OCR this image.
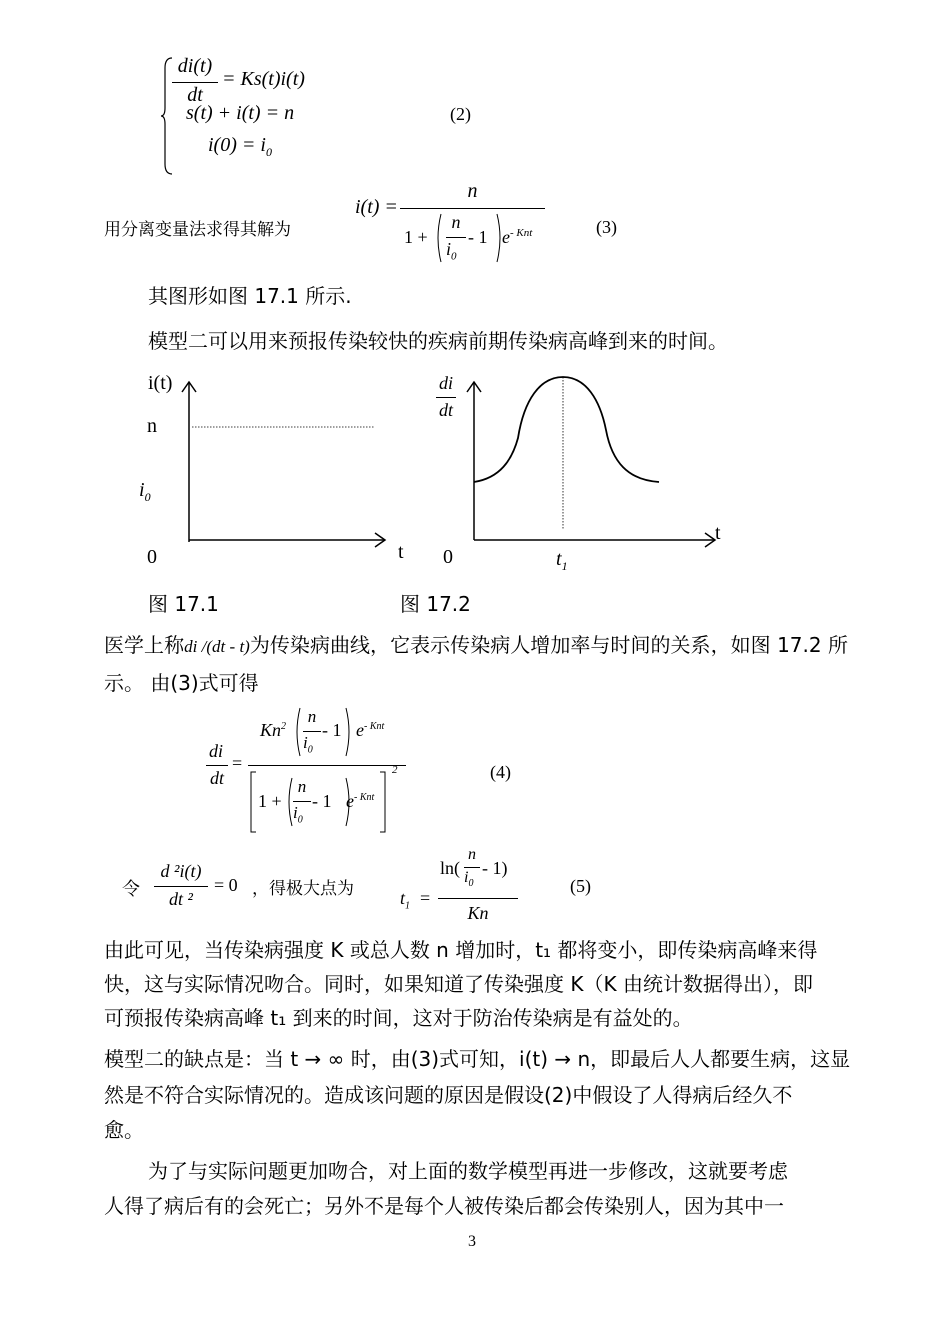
di(t)
dt
= Ks(t)i(t)
s(t) + i(t) = n
$i(0) = i_0$
(2)
用分离变量法求得其解为
i(t) =
n
1 +
n
$i_0$
- 1 $e^{- Knt}$	(3)
其图形如图 17.1 所示.
模型二可以用来预报传染较快的疾病前期传染病高峰到来的时间。
i(t)
n
$i_0$
0	t
图 17.1
di
dt
0
t
$t_1$
图 17.2
医学上称di /(dt - t)为传染病曲线，它表示传染病人增加率与时间的关系，如图 17.2 所示。 由(3)式可得
di
dt
=
$Kn^2$
n
$i_0$
- 1 $e^{- Knt}$
2
1 +
n
$i_0$
- 1 $e^{- Knt}$
(4)
令
d ²i(t)
dt ²
= 0 ，得极大点为	$t_1$ =
ln(
n
$i_0$
- 1)
Kn
(5)
由此可见，当传染病强度 K 或总人数 n 增加时，t₁ 都将变小，即传染病高峰来得
快，这与实际情况吻合。同时，如果知道了传染强度 K（K 由统计数据得出），即
可预报传染病高峰 t₁ 到来的时间，这对于防治传染病是有益处的。
模型二的缺点是：当 t → ∞ 时，由(3)式可知，i(t) → n，即最后人人都要生病，这显
然是不符合实际情况的。造成该问题的原因是假设(2)中假设了人得病后经久不
愈。
为了与实际问题更加吻合，对上面的数学模型再进一步修改，这就要考虑
人得了病后有的会死亡；另外不是每个人被传染后都会传染别人，因为其中一
3
